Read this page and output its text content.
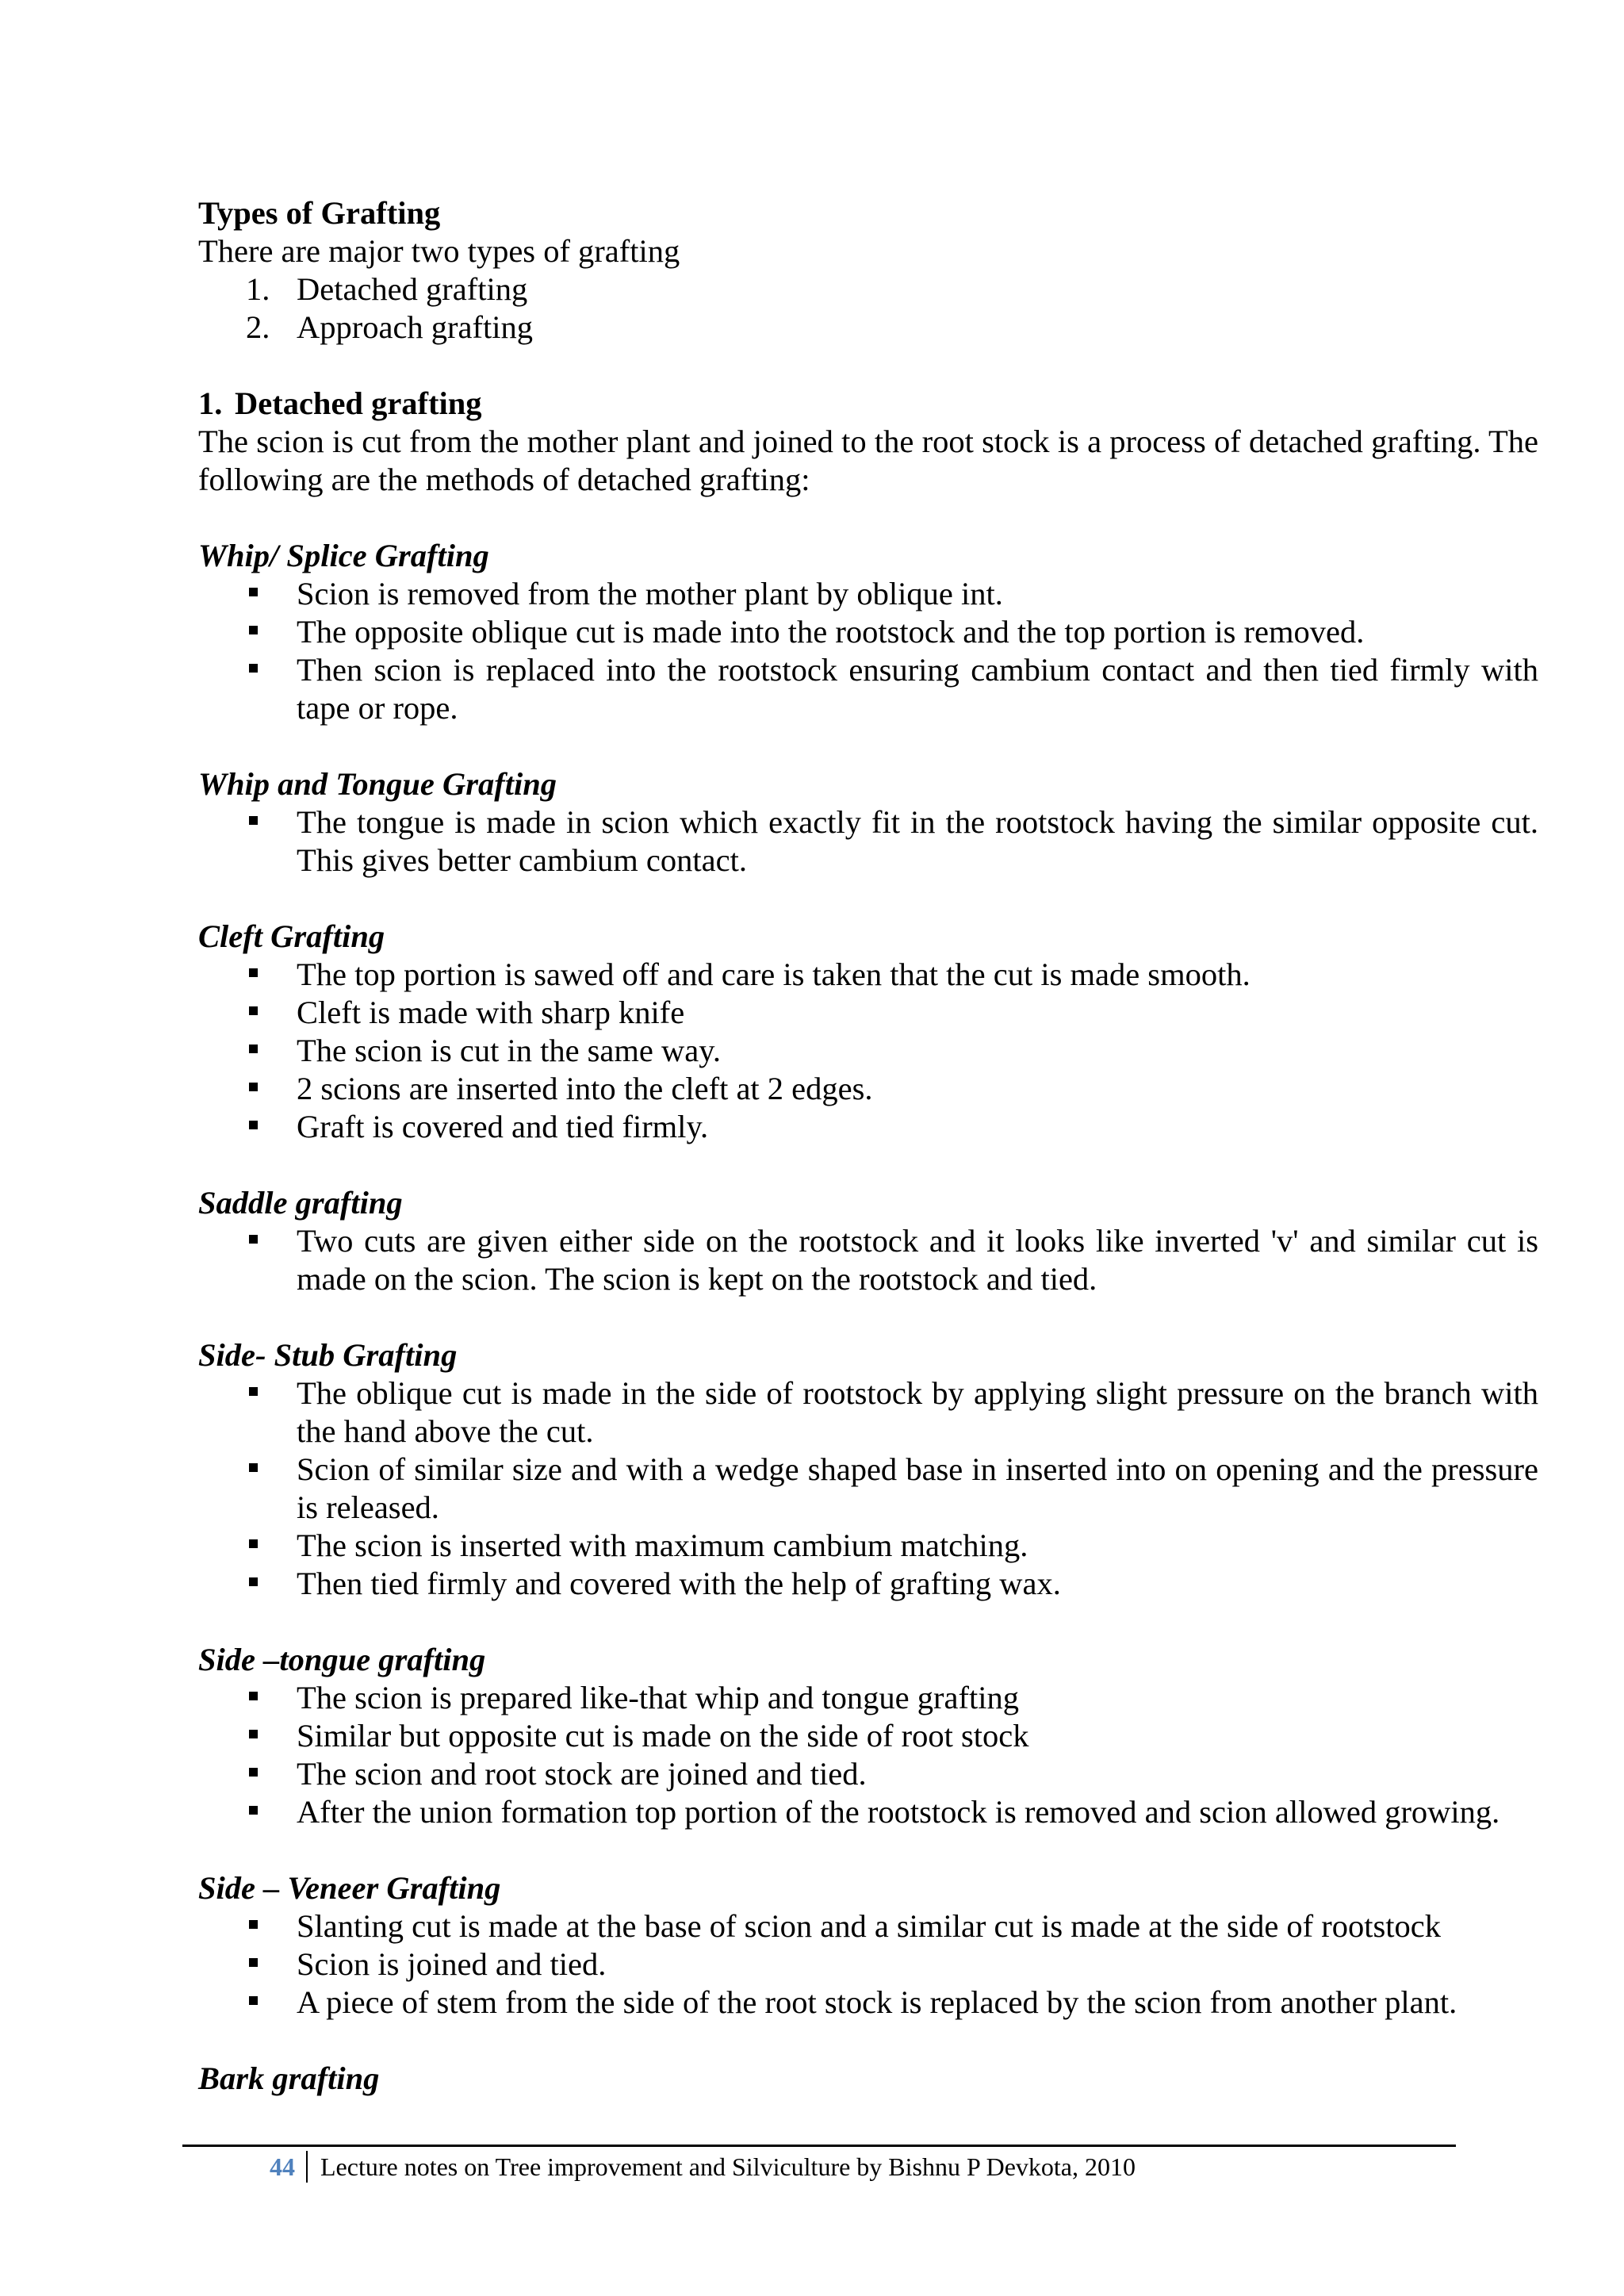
Types of Grafting

There are major two types of grafting

1. Detached grafting
2. Approach grafting

1. Detached grafting

The scion is cut from the mother plant and joined to the root stock is a process of detached grafting. The following are the methods of detached grafting:

Whip/ Splice Grafting

Scion is removed from the mother plant by oblique int.
The opposite oblique cut is made into the rootstock and the top portion is removed.
Then scion is replaced into the rootstock ensuring cambium contact and then tied firmly with tape or rope.

Whip and Tongue Grafting

The tongue is made in scion which exactly fit in the rootstock having the similar opposite cut. This gives better cambium contact.

Cleft Grafting

The top portion is sawed off and care is taken that the cut is made smooth.
Cleft is made with sharp knife
The scion is cut in the same way.
2 scions are inserted into the cleft at 2 edges.
Graft is covered and tied firmly.

Saddle grafting

Two cuts are given either side on the rootstock and it looks like inverted 'v' and similar cut is made on the scion. The scion is kept on the rootstock and tied.

Side- Stub Grafting

The oblique cut is made in the side of rootstock by applying slight pressure on the branch with the hand above the cut.
Scion of similar size and with a wedge shaped base in inserted into on opening and the pressure is released.
The scion is inserted with maximum cambium matching.
Then tied firmly and covered with the help of grafting wax.

Side –tongue grafting

The scion is prepared like-that whip and tongue grafting
Similar but opposite cut is made on the side of root stock
The scion and root stock are joined and tied.
After the union formation top portion of the rootstock is removed and scion allowed growing.

Side – Veneer Grafting

Slanting cut is made at the base of scion and a similar cut is made at the side of rootstock
Scion is joined and tied.
A piece of stem from the side of the root stock is replaced by the scion from another plant.

Bark grafting

44 Lecture notes on Tree improvement and Silviculture by Bishnu P Devkota, 2010
